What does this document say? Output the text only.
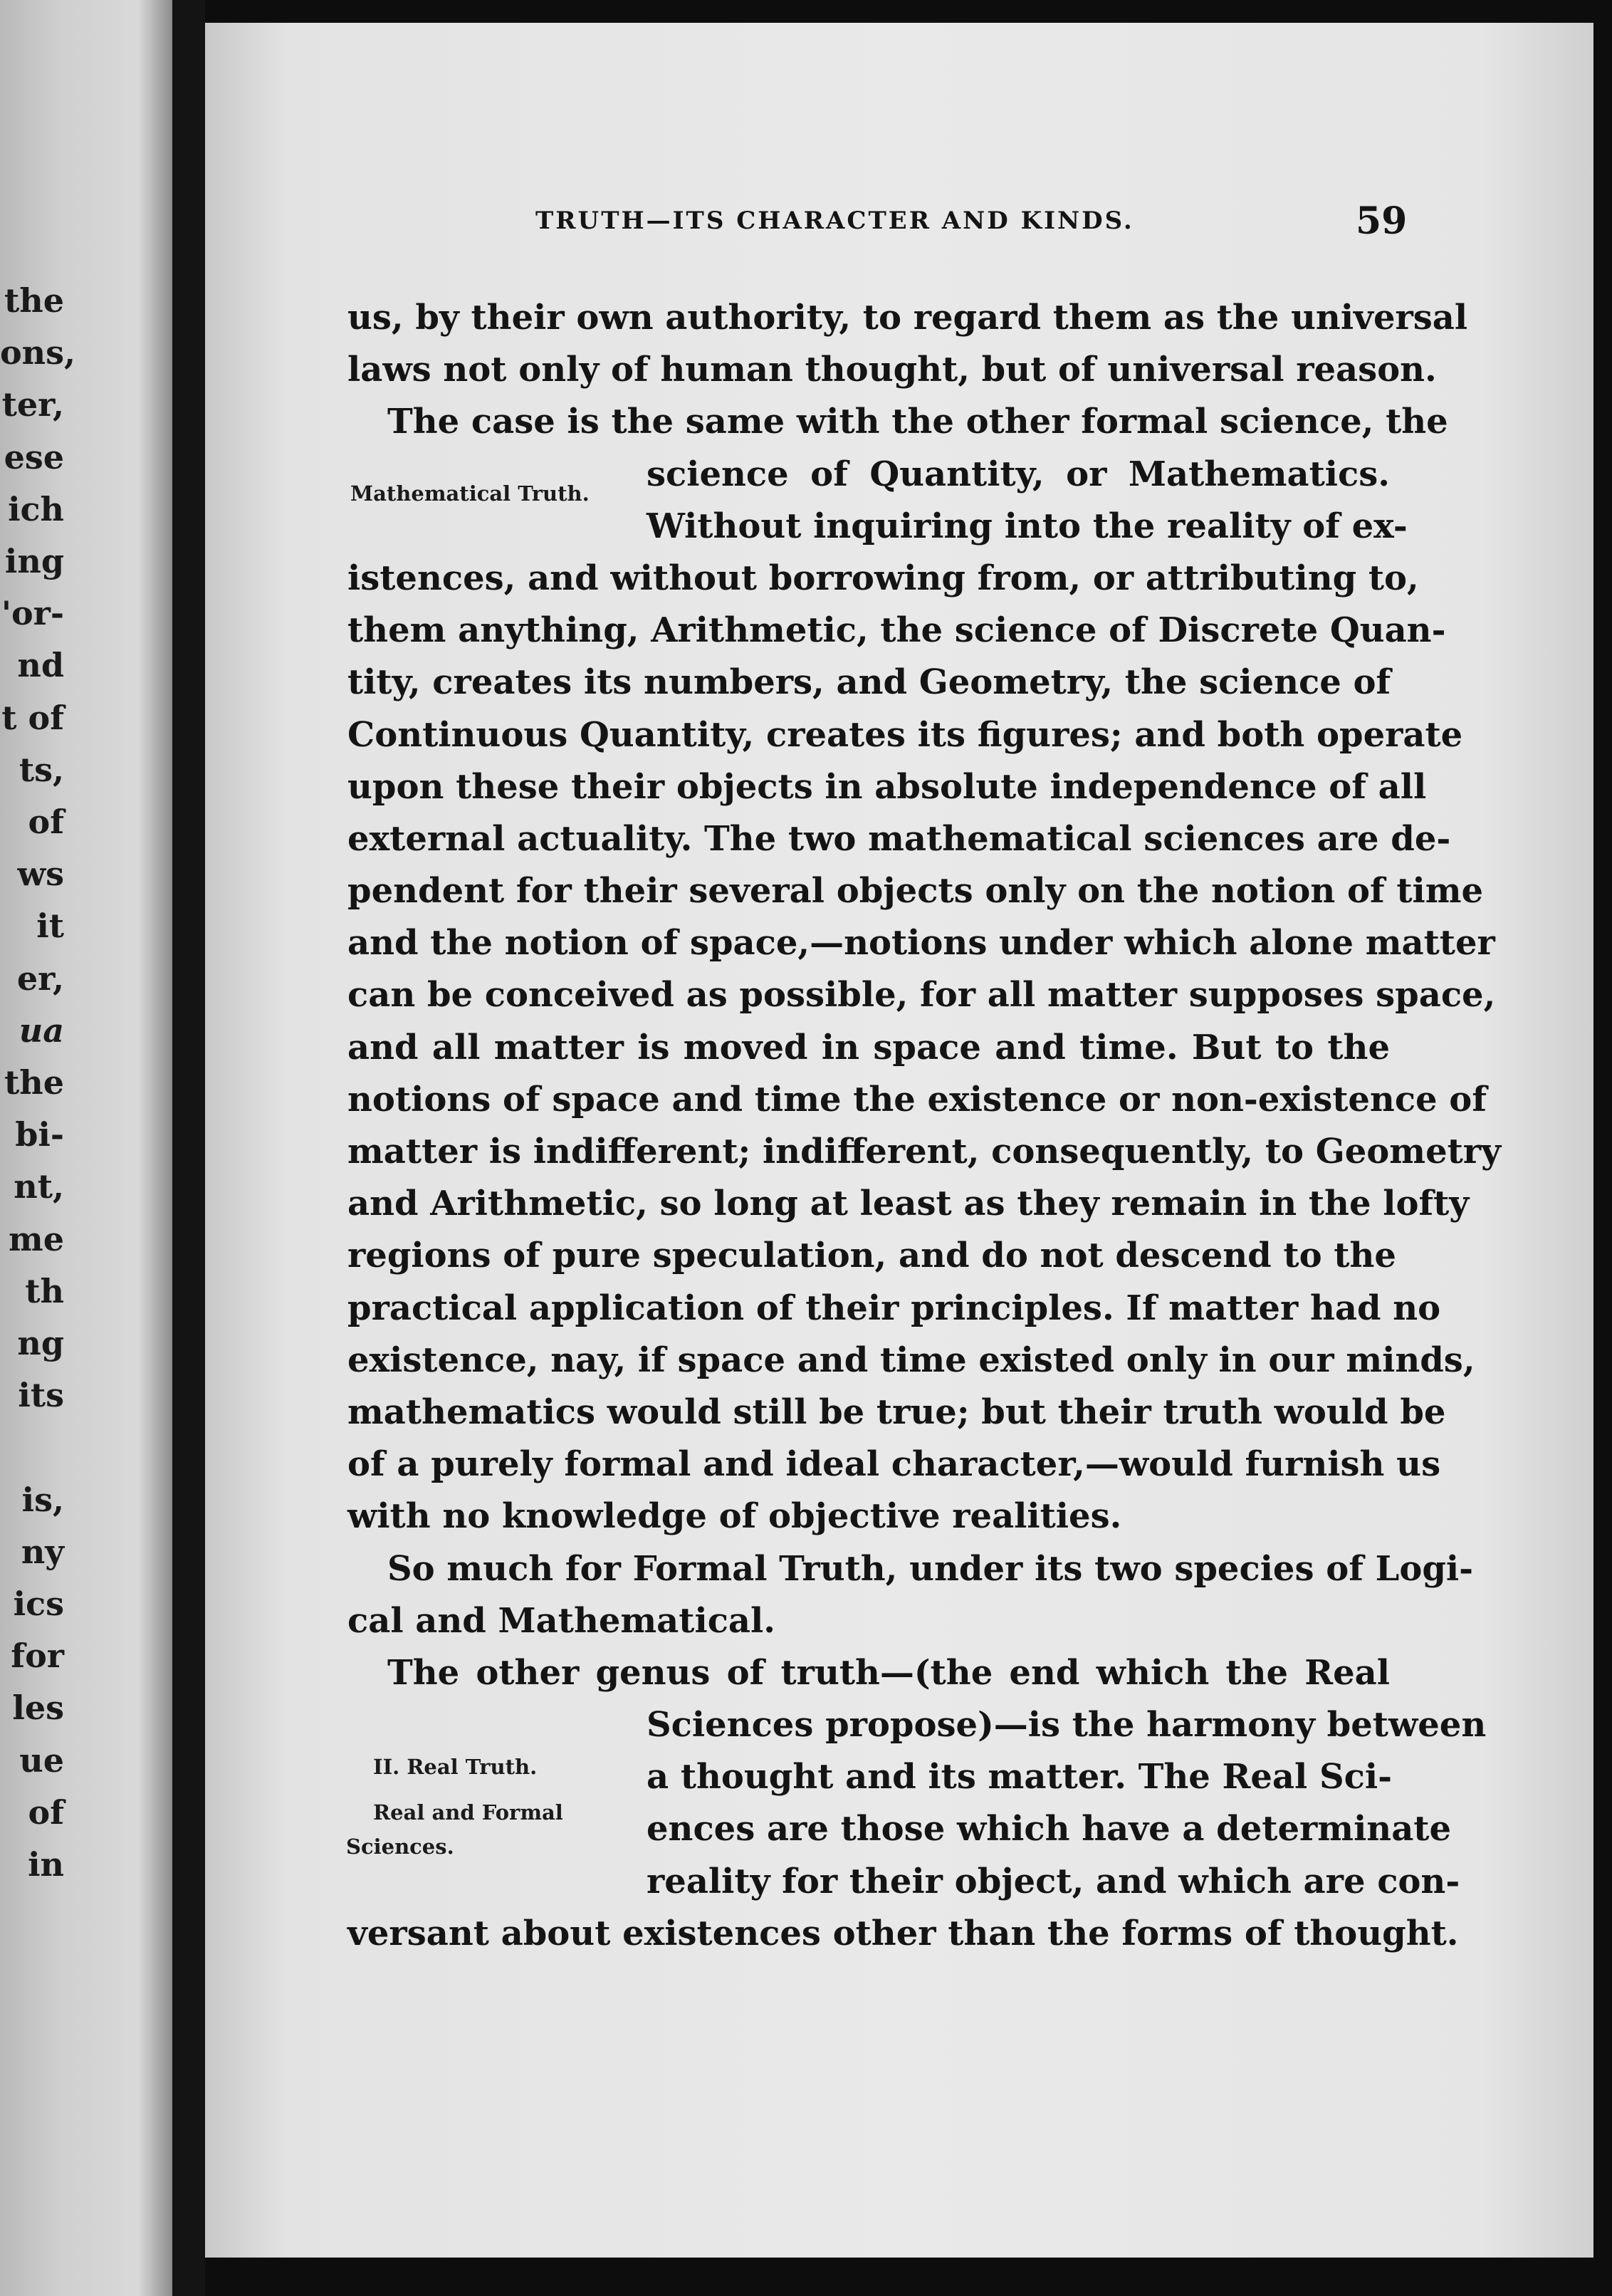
the
ons,
ter,
ese
ich
ing
'or-
nd
t of
ts,
of
ws
it
er,
ua
the
bi-
nt,
me
th
ng
its
is,
ny
ics
for
les
ue
of
in
TRUTH—ITS CHARACTER AND KINDS.	59
Mathematical Truth.
II. Real Truth.
Real and Formal
Sciences.
us, by their own authority, to regard them as the universal
laws not only of human thought, but of universal reason.
The case is the same with the other formal science, the
science of Quantity, or Mathematics.
Without inquiring into the reality of ex-
istences, and without borrowing from, or attributing to,
them anything, Arithmetic, the science of Discrete Quan-
tity, creates its numbers, and Geometry, the science of
Continuous Quantity, creates its figures; and both operate
upon these their objects in absolute independence of all
external actuality. The two mathematical sciences are de-
pendent for their several objects only on the notion of time
and the notion of space,—notions under which alone matter
can be conceived as possible, for all matter supposes space,
and all matter is moved in space and time. But to the
notions of space and time the existence or non-existence of
matter is indifferent; indifferent, consequently, to Geometry
and Arithmetic, so long at least as they remain in the lofty
regions of pure speculation, and do not descend to the
practical application of their principles. If matter had no
existence, nay, if space and time existed only in our minds,
mathematics would still be true; but their truth would be
of a purely formal and ideal character,—would furnish us
with no knowledge of objective realities.
So much for Formal Truth, under its two species of Logi-
cal and Mathematical.
The other genus of truth—(the end which the Real
Sciences propose)—is the harmony between
a thought and its matter. The Real Sci-
ences are those which have a determinate
reality for their object, and which are con-
versant about existences other than the forms of thought.
